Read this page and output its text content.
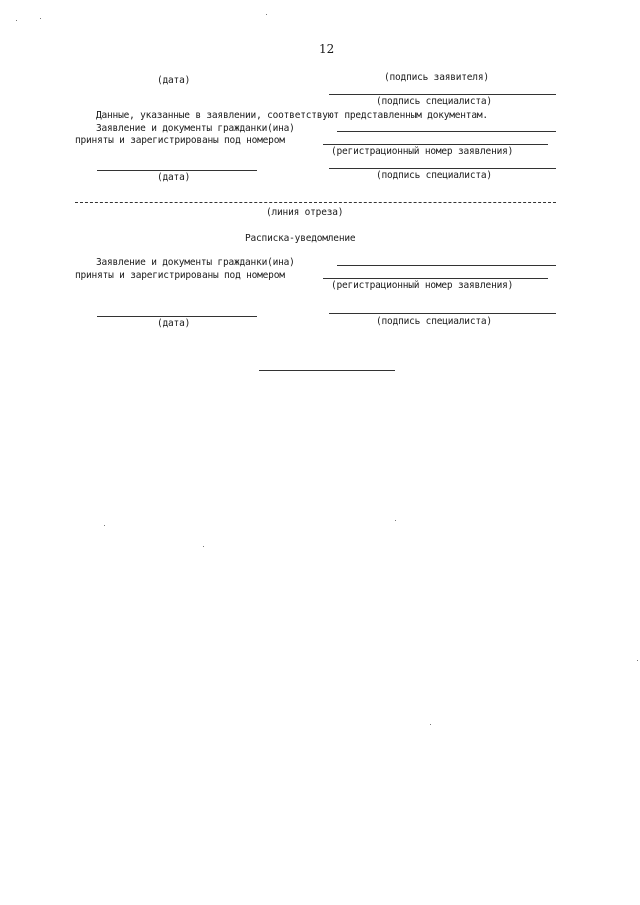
12
(дата)	(подпись заявителя)
(подпись специалиста)
Данные, указанные в заявлении, соответствуют представленным документам.
Заявление и документы гражданки(ина)
приняты и зарегистрированы под номером
(регистрационный номер заявления)
(дата)	(подпись специалиста)
(линия отреза)
Расписка-уведомление
Заявление и документы гражданки(ина)
приняты и зарегистрированы под номером
(регистрационный номер заявления)
(дата)	(подпись специалиста)
